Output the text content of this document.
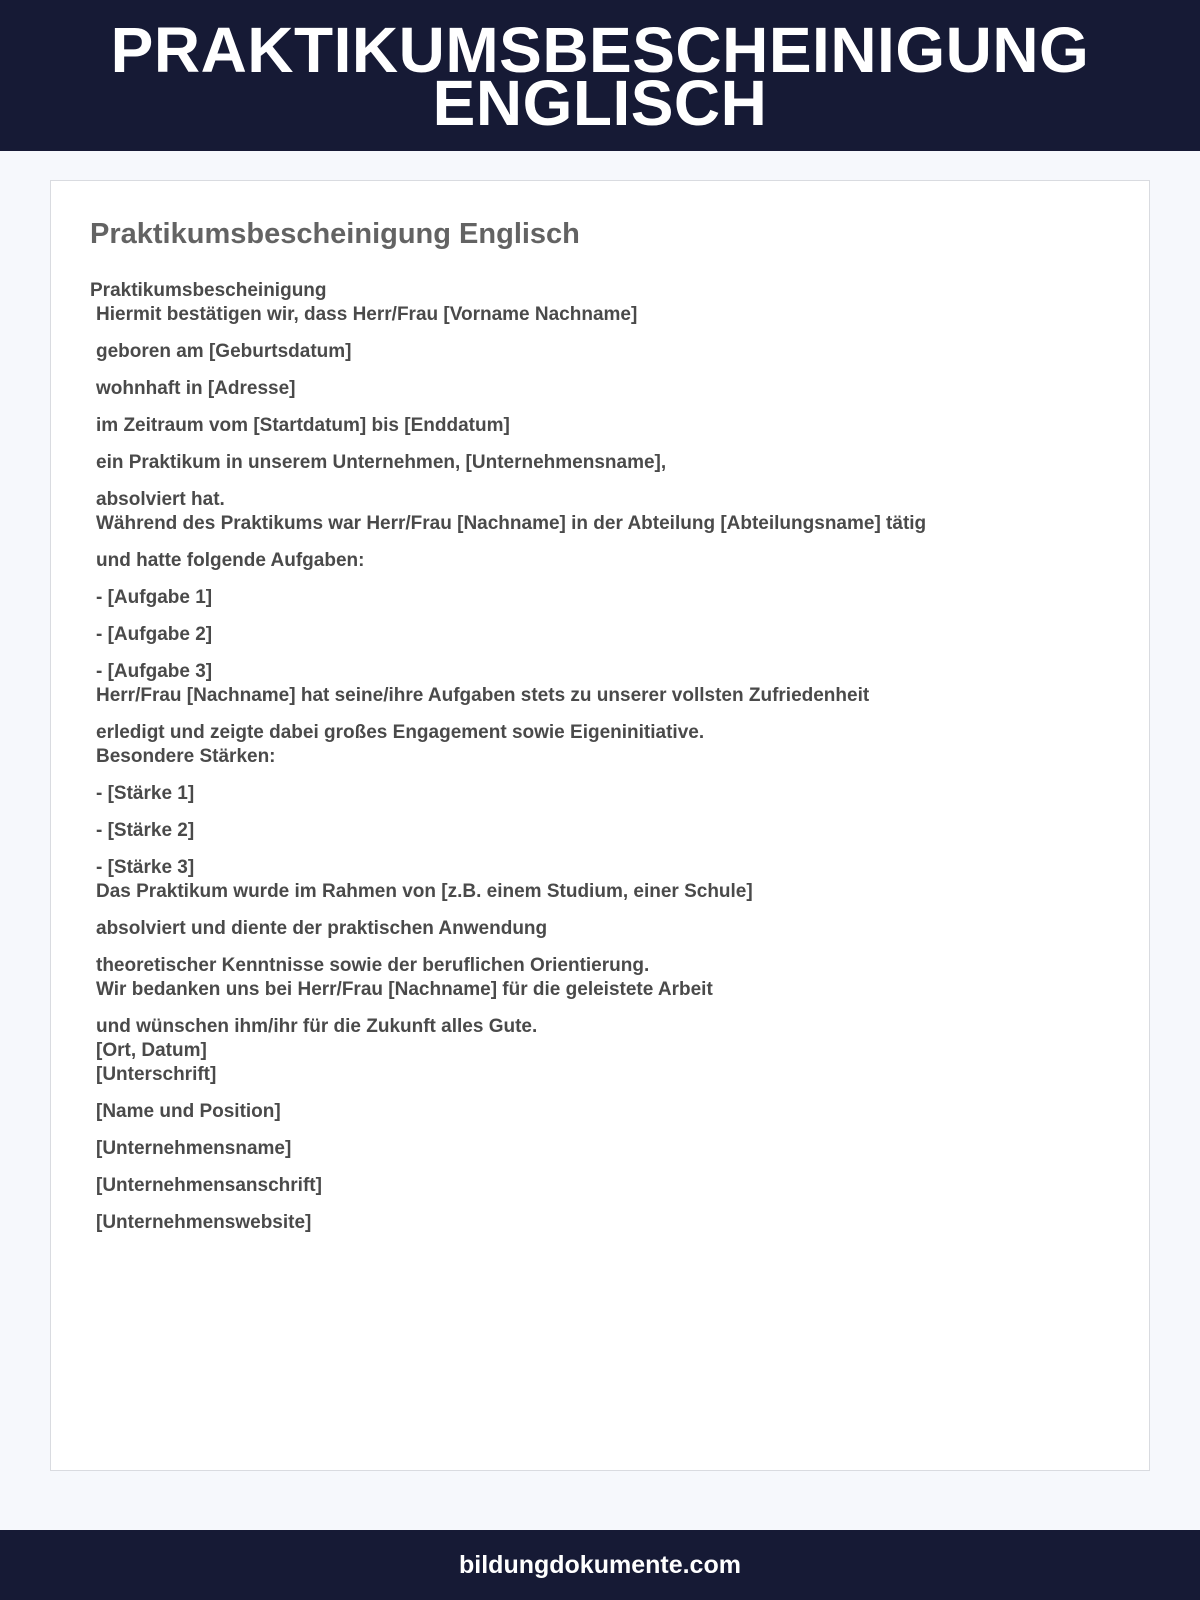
PRAKTIKUMSBESCHEINIGUNG ENGLISCH
Praktikumsbescheinigung Englisch
Praktikumsbescheinigung
Hiermit bestätigen wir, dass Herr/Frau [Vorname Nachname]
geboren am [Geburtsdatum]
wohnhaft in [Adresse]
im Zeitraum vom [Startdatum] bis [Enddatum]
ein Praktikum in unserem Unternehmen, [Unternehmensname],
absolviert hat.
Während des Praktikums war Herr/Frau [Nachname] in der Abteilung [Abteilungsname] tätig
und hatte folgende Aufgaben:
- [Aufgabe 1]
- [Aufgabe 2]
- [Aufgabe 3]
Herr/Frau [Nachname] hat seine/ihre Aufgaben stets zu unserer vollsten Zufriedenheit
erledigt und zeigte dabei großes Engagement sowie Eigeninitiative.
Besondere Stärken:
- [Stärke 1]
- [Stärke 2]
- [Stärke 3]
Das Praktikum wurde im Rahmen von [z.B. einem Studium, einer Schule]
absolviert und diente der praktischen Anwendung
theoretischer Kenntnisse sowie der beruflichen Orientierung.
Wir bedanken uns bei Herr/Frau [Nachname] für die geleistete Arbeit
und wünschen ihm/ihr für die Zukunft alles Gute.
[Ort, Datum]
[Unterschrift]
[Name und Position]
[Unternehmensname]
[Unternehmensanschrift]
[Unternehmenswebsite]
bildungdokumente.com
